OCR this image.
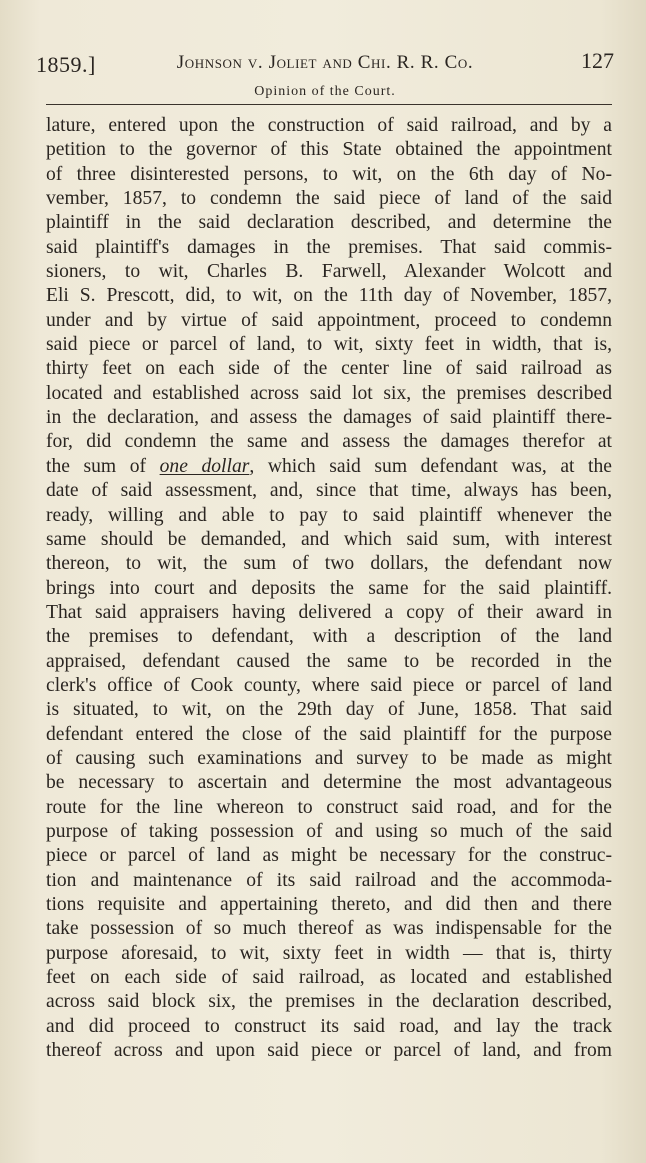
1859.]	Johnson v. Joliet and Chi. R. R. Co.	127
Opinion of the Court.
lature, entered upon the construction of said railroad, and by a
petition to the governor of this State obtained the appointment
of three disinterested persons, to wit, on the 6th day of No-
vember, 1857, to condemn the said piece of land of the said
plaintiff in the said declaration described, and determine the
said plaintiff's damages in the premises. That said commis-
sioners, to wit, Charles B. Farwell, Alexander Wolcott and
Eli S. Prescott, did, to wit, on the 11th day of November, 1857,
under and by virtue of said appointment, proceed to condemn
said piece or parcel of land, to wit, sixty feet in width, that is,
thirty feet on each side of the center line of said railroad as
located and established across said lot six, the premises described
in the declaration, and assess the damages of said plaintiff there-
for, did condemn the same and assess the damages therefor at
the sum of one dollar, which said sum defendant was, at the
date of said assessment, and, since that time, always has been,
ready, willing and able to pay to said plaintiff whenever the
same should be demanded, and which said sum, with interest
thereon, to wit, the sum of two dollars, the defendant now
brings into court and deposits the same for the said plaintiff.
That said appraisers having delivered a copy of their award in
the premises to defendant, with a description of the land
appraised, defendant caused the same to be recorded in the
clerk's office of Cook county, where said piece or parcel of land
is situated, to wit, on the 29th day of June, 1858. That said
defendant entered the close of the said plaintiff for the purpose
of causing such examinations and survey to be made as might
be necessary to ascertain and determine the most advantageous
route for the line whereon to construct said road, and for the
purpose of taking possession of and using so much of the said
piece or parcel of land as might be necessary for the construc-
tion and maintenance of its said railroad and the accommoda-
tions requisite and appertaining thereto, and did then and there
take possession of so much thereof as was indispensable for the
purpose aforesaid, to wit, sixty feet in width — that is, thirty
feet on each side of said railroad, as located and established
across said block six, the premises in the declaration described,
and did proceed to construct its said road, and lay the track
thereof across and upon said piece or parcel of land, and from
